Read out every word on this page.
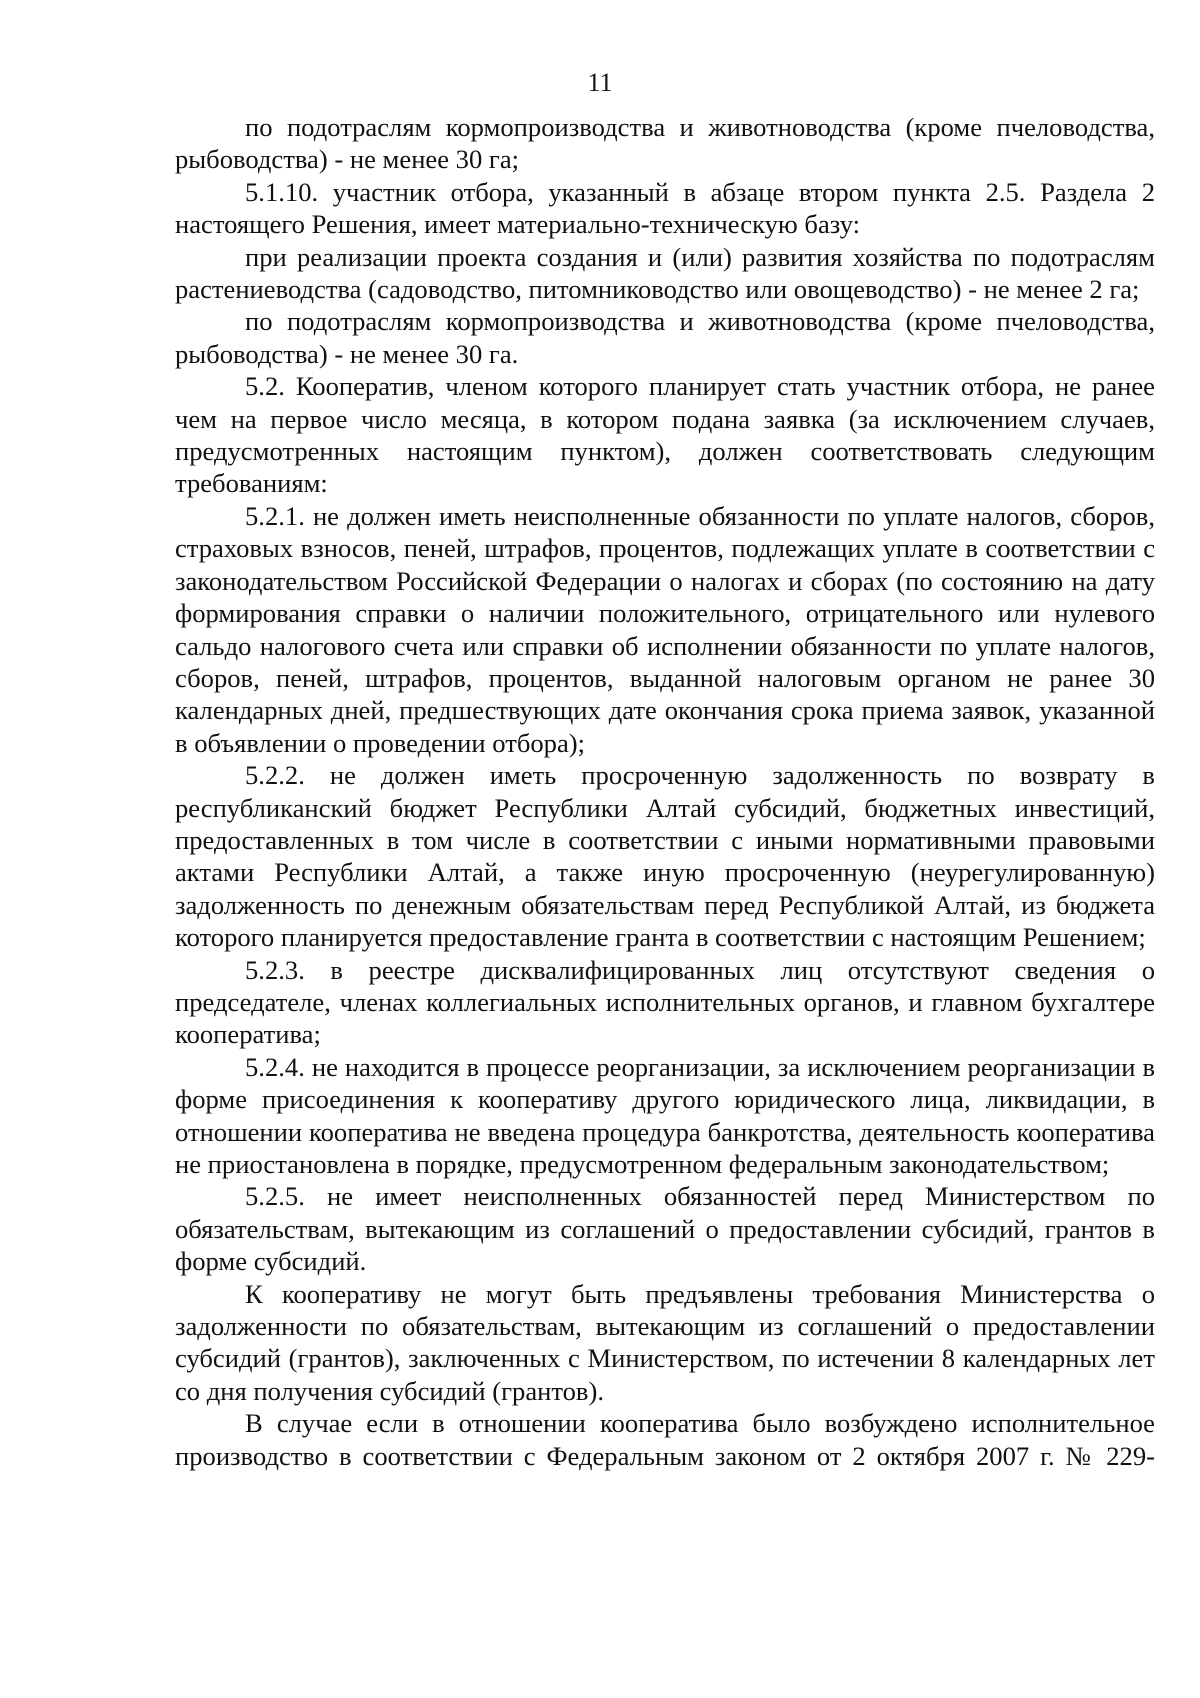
11

по подотраслям кормопроизводства и животноводства (кроме пчеловодства, рыбоводства) - не менее 30 га;

5.1.10. участник отбора, указанный в абзаце втором пункта 2.5. Раздела 2 настоящего Решения, имеет материально-техническую базу:

при реализации проекта создания и (или) развития хозяйства по подотраслям растениеводства (садоводство, питомниководство или овощеводство) - не менее 2 га;

по подотраслям кормопроизводства и животноводства (кроме пчеловодства, рыбоводства) - не менее 30 га.

5.2. Кооператив, членом которого планирует стать участник отбора, не ранее чем на первое число месяца, в котором подана заявка (за исключением случаев, предусмотренных настоящим пунктом), должен соответствовать следующим требованиям:

5.2.1. не должен иметь неисполненные обязанности по уплате налогов, сборов, страховых взносов, пеней, штрафов, процентов, подлежащих уплате в соответствии с законодательством Российской Федерации о налогах и сборах (по состоянию на дату формирования справки о наличии положительного, отрицательного или нулевого сальдо налогового счета или справки об исполнении обязанности по уплате налогов, сборов, пеней, штрафов, процентов, выданной налоговым органом не ранее 30 календарных дней, предшествующих дате окончания срока приема заявок, указанной в объявлении о проведении отбора);

5.2.2. не должен иметь просроченную задолженность по возврату в республиканский бюджет Республики Алтай субсидий, бюджетных инвестиций, предоставленных в том числе в соответствии с иными нормативными правовыми актами Республики Алтай, а также иную просроченную (неурегулированную) задолженность по денежным обязательствам перед Республикой Алтай, из бюджета которого планируется предоставление гранта в соответствии с настоящим Решением;

5.2.3. в реестре дисквалифицированных лиц отсутствуют сведения о председателе, членах коллегиальных исполнительных органов, и главном бухгалтере кооператива;

5.2.4. не находится в процессе реорганизации, за исключением реорганизации в форме присоединения к кооперативу другого юридического лица, ликвидации, в отношении кооператива не введена процедура банкротства, деятельность кооператива не приостановлена в порядке, предусмотренном федеральным законодательством;

5.2.5. не имеет неисполненных обязанностей перед Министерством по обязательствам, вытекающим из соглашений о предоставлении субсидий, грантов в форме субсидий.

К кооперативу не могут быть предъявлены требования Министерства о задолженности по обязательствам, вытекающим из соглашений о предоставлении субсидий (грантов), заключенных с Министерством, по истечении 8 календарных лет со дня получения субсидий (грантов).

В случае если в отношении кооператива было возбуждено исполнительное производство в соответствии с Федеральным законом от 2 октября 2007 г. № 229-
